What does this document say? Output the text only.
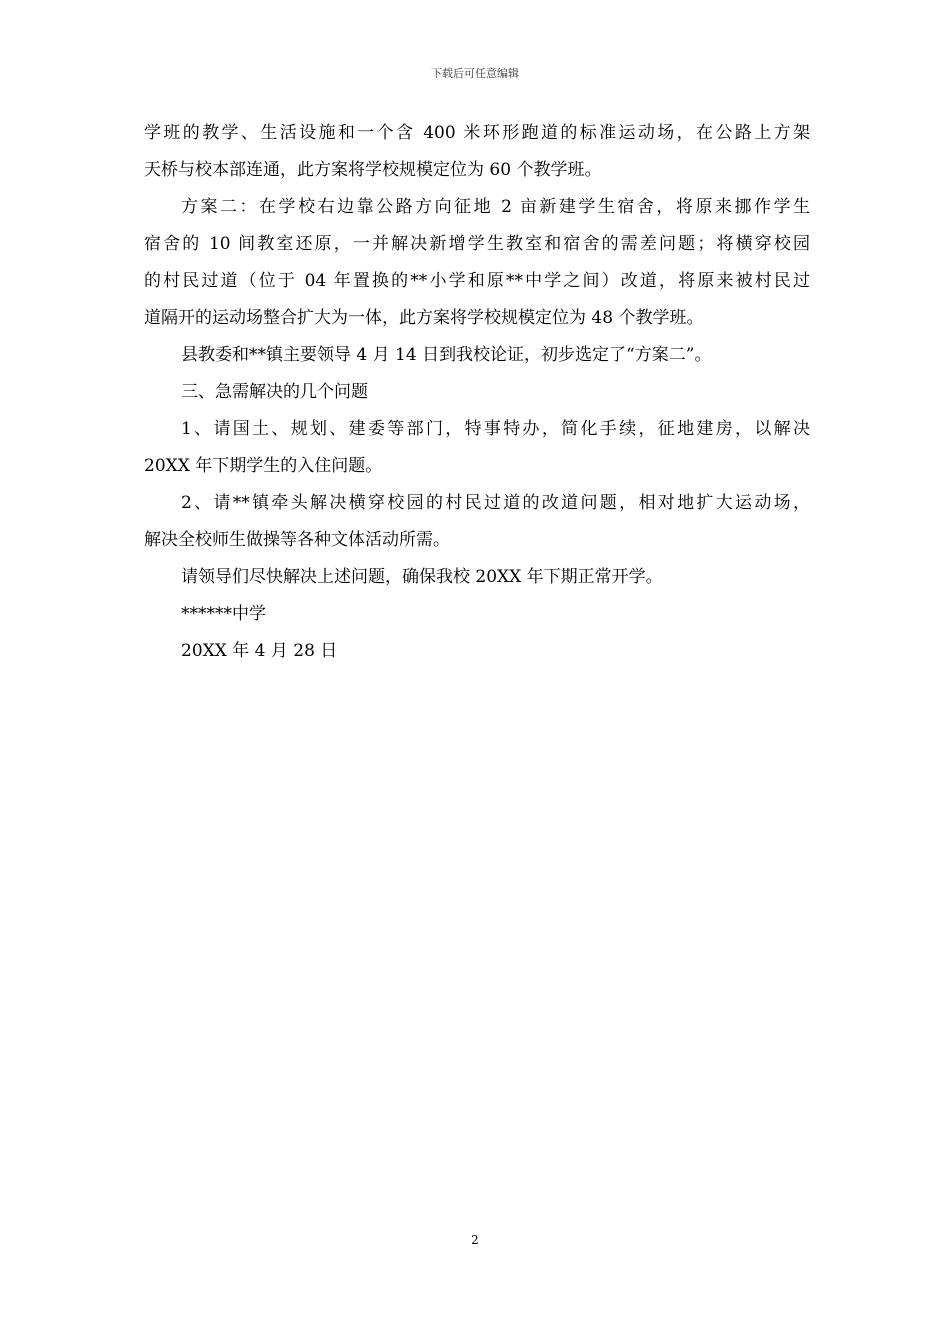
下载后可任意编辑
学班的教学、生活设施和一个含 400 米环形跑道的标准运动场，在公路上方架
天桥与校本部连通，此方案将学校规模定位为 60 个教学班。
方案二：在学校右边靠公路方向征地 2 亩新建学生宿舍，将原来挪作学生
宿舍的 10 间教室还原，一并解决新增学生教室和宿舍的需差问题；将横穿校园
的村民过道（位于 04 年置换的**小学和原**中学之间）改道，将原来被村民过
道隔开的运动场整合扩大为一体，此方案将学校规模定位为 48 个教学班。
县教委和**镇主要领导 4 月 14 日到我校论证，初步选定了“方案二”。
三、急需解决的几个问题
1、请国土、规划、建委等部门，特事特办，简化手续，征地建房，以解决
20XX 年下期学生的入住问题。
2、请**镇牵头解决横穿校园的村民过道的改道问题，相对地扩大运动场，
解决全校师生做操等各种文体活动所需。
请领导们尽快解决上述问题，确保我校 20XX 年下期正常开学。
******中学
20XX 年 4 月 28 日
2
